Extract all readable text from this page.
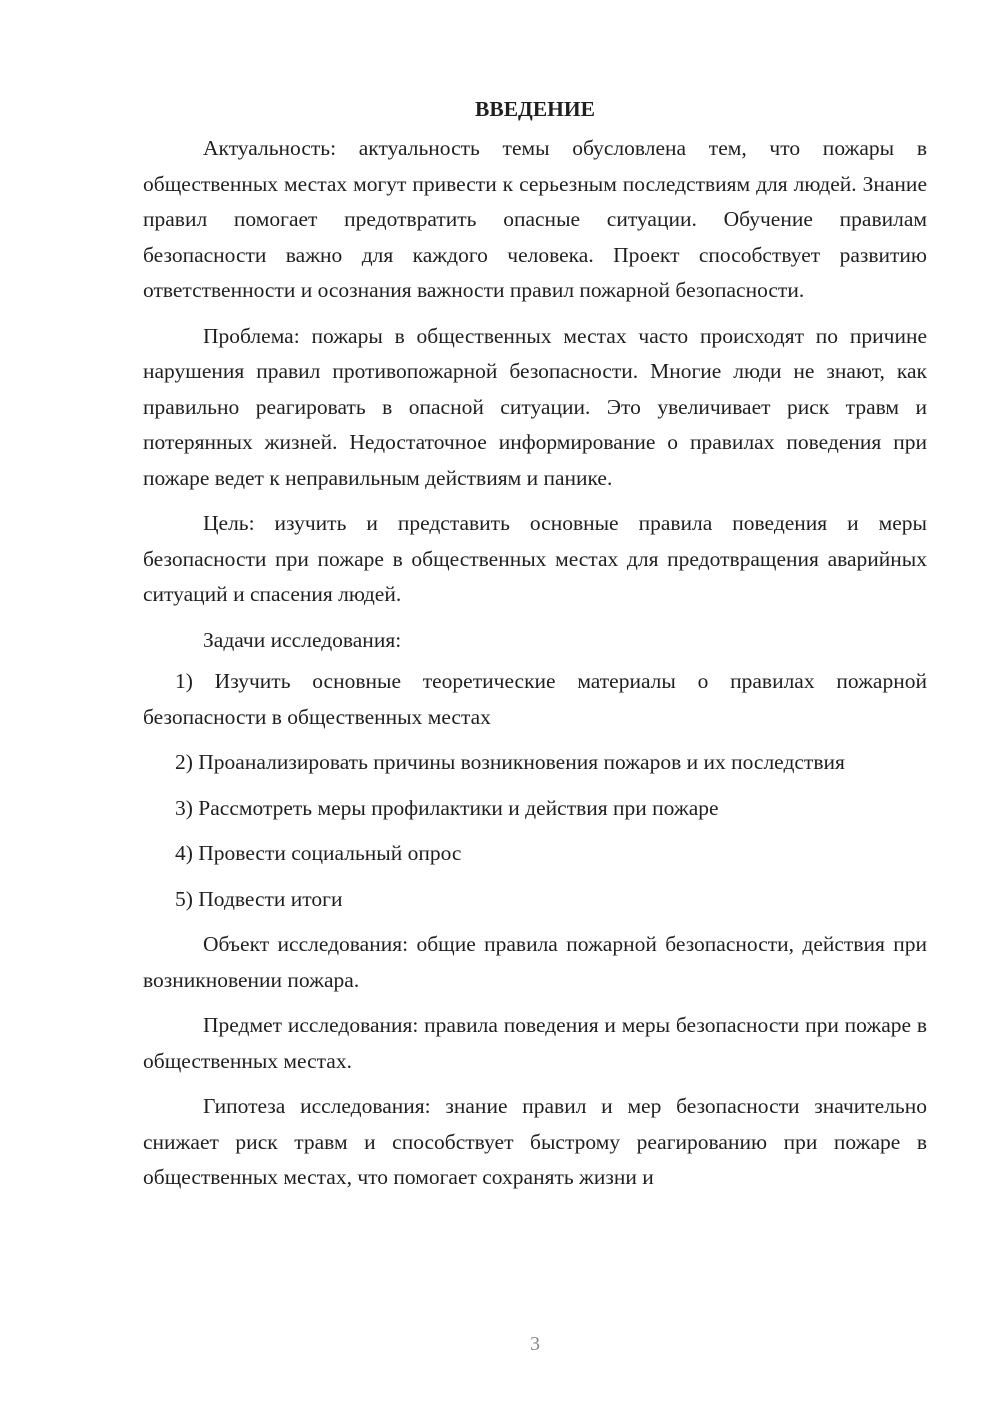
ВВЕДЕНИЕ

Актуальность: актуальность темы обусловлена тем, что пожары в общественных местах могут привести к серьезным последствиям для людей. Знание правил помогает предотвратить опасные ситуации. Обучение правилам безопасности важно для каждого человека. Проект способствует развитию ответственности и осознания важности правил пожарной безопасности.

Проблема: пожары в общественных местах часто происходят по причине нарушения правил противопожарной безопасности. Многие люди не знают, как правильно реагировать в опасной ситуации. Это увеличивает риск травм и потерянных жизней. Недостаточное информирование о правилах поведения при пожаре ведет к неправильным действиям и панике.

Цель: изучить и представить основные правила поведения и меры безопасности при пожаре в общественных местах для предотвращения аварийных ситуаций и спасения людей.

Задачи исследования:

1) Изучить основные теоретические материалы о правилах пожарной безопасности в общественных местах

2) Проанализировать причины возникновения пожаров и их последствия

3) Рассмотреть меры профилактики и действия при пожаре

4) Провести социальный опрос

5) Подвести итоги

Объект исследования: общие правила пожарной безопасности, действия при возникновении пожара.

Предмет исследования: правила поведения и меры безопасности при пожаре в общественных местах.

Гипотеза исследования: знание правил и мер безопасности значительно снижает риск травм и способствует быстрому реагированию при пожаре в общественных местах, что помогает сохранять жизни и

3
